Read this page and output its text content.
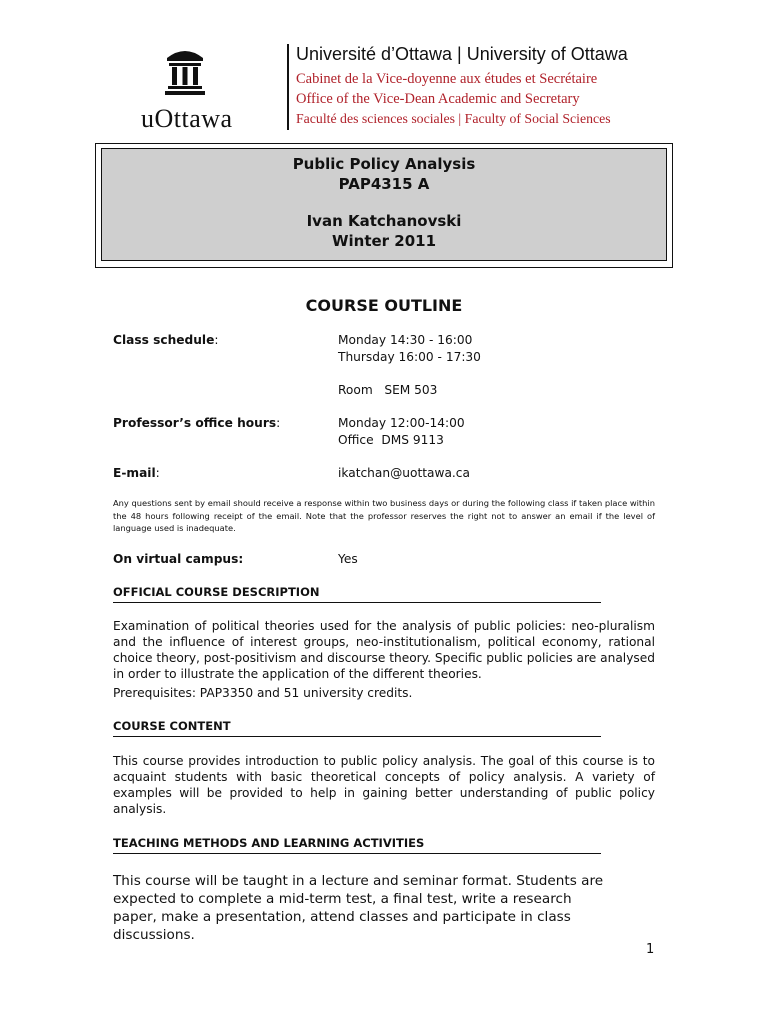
uOttawa
Université d’Ottawa | University of Ottawa
Cabinet de la Vice-doyenne aux études et Secrétaire
Office of the Vice-Dean Academic and Secretary
Faculté des sciences sociales | Faculty of Social Sciences
Public Policy Analysis
PAP4315 A
Ivan Katchanovski
Winter 2011
COURSE OUTLINE
Class schedule:	Monday 14:30 - 16:00
Thursday 16:00 - 17:30
Room   SEM 503
Professor’s office hours:	Monday 12:00-14:00
Office  DMS 9113
E-mail:	ikatchan@uottawa.ca
Any questions sent by email should receive a response within two business days or during the following class if taken place within the 48 hours following receipt of the email. Note that the professor reserves the right not to answer an email if the level of language used is inadequate.
On virtual campus:	Yes
OFFICIAL COURSE DESCRIPTION
Examination of political theories used for the analysis of public policies: neo-pluralism and the influence of interest groups, neo-institutionalism, political economy, rational choice theory, post-positivism and discourse theory. Specific public policies are analysed in order to illustrate the application of the different theories.
Prerequisites: PAP3350 and 51 university credits.
COURSE CONTENT
This course provides introduction to public policy analysis. The goal of this course is to acquaint students with basic theoretical concepts of policy analysis. A variety of examples will be provided to help in gaining better understanding of public policy analysis.
TEACHING METHODS AND LEARNING ACTIVITIES
This course will be taught in a lecture and seminar format. Students are expected to complete a mid-term test, a final test, write a research paper, make a presentation, attend classes and participate in class discussions.
1
